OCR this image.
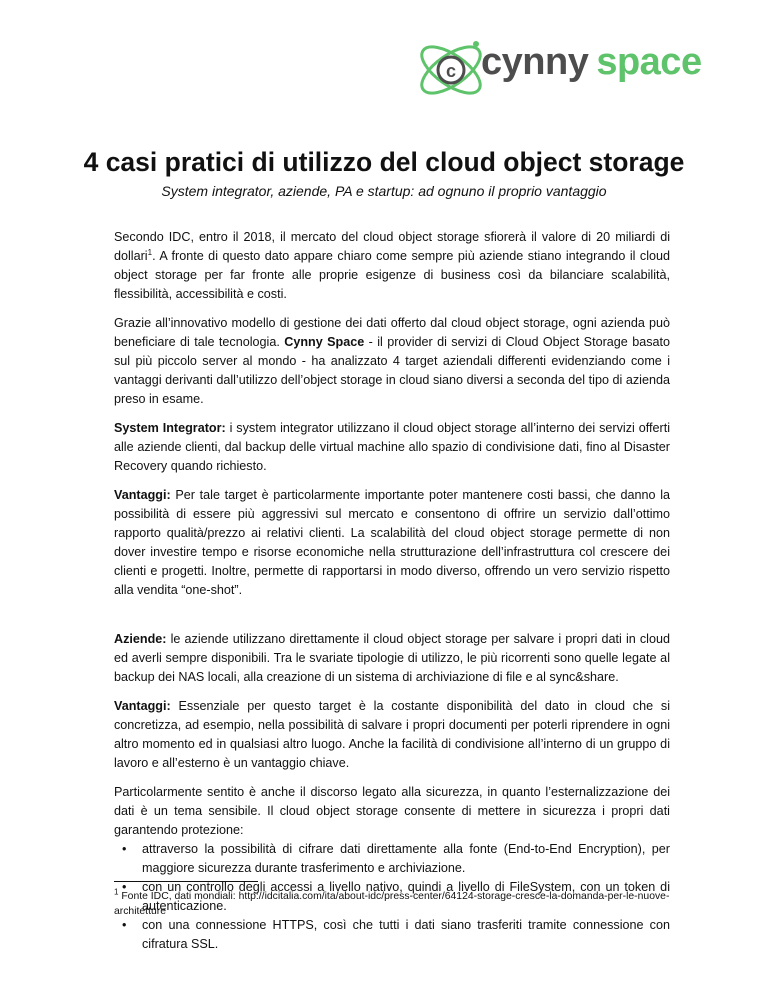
c cynny space
4 casi pratici di utilizzo del cloud object storage

System integrator, aziende, PA e startup: ad ognuno il proprio vantaggio

Secondo IDC, entro il 2018, il mercato del cloud object storage sfiorerà il valore di 20 miliardi di dollari$^1$. A fronte di questo dato appare chiaro come sempre più aziende stiano integrando il cloud object storage per far fronte alle proprie esigenze di business così da bilanciare scalabilità, flessibilità, accessibilità e costi.

Grazie all’innovativo modello di gestione dei dati offerto dal cloud object storage, ogni azienda può beneficiare di tale tecnologia. Cynny Space - il provider di servizi di Cloud Object Storage basato sul più piccolo server al mondo - ha analizzato 4 target aziendali differenti evidenziando come i vantaggi derivanti dall’utilizzo dell’object storage in cloud siano diversi a seconda del tipo di azienda preso in esame.

System Integrator: i system integrator utilizzano il cloud object storage all’interno dei servizi offerti alle aziende clienti, dal backup delle virtual machine allo spazio di condivisione dati, fino al Disaster Recovery quando richiesto.

Vantaggi: Per tale target è particolarmente importante poter mantenere costi bassi, che danno la possibilità di essere più aggressivi sul mercato e consentono di offrire un servizio dall’ottimo rapporto qualità/prezzo ai relativi clienti. La scalabilità del cloud object storage permette di non dover investire tempo e risorse economiche nella strutturazione dell’infrastruttura col crescere dei clienti e progetti. Inoltre, permette di rapportarsi in modo diverso, offrendo un vero servizio rispetto alla vendita “one-shot”.

Aziende: le aziende utilizzano direttamente il cloud object storage per salvare i propri dati in cloud ed averli sempre disponibili. Tra le svariate tipologie di utilizzo, le più ricorrenti sono quelle legate al backup dei NAS locali, alla creazione di un sistema di archiviazione di file e al sync&share.

Vantaggi: Essenziale per questo target è la costante disponibilità del dato in cloud che si concretizza, ad esempio, nella possibilità di salvare i propri documenti per poterli riprendere in ogni altro momento ed in qualsiasi altro luogo. Anche la facilità di condivisione all’interno di un gruppo di lavoro e all’esterno è un vantaggio chiave.

Particolarmente sentito è anche il discorso legato alla sicurezza, in quanto l’esternalizzazione dei dati è un tema sensibile. Il cloud object storage consente di mettere in sicurezza i propri dati garantendo protezione:

• attraverso la possibilità di cifrare dati direttamente alla fonte (End-to-End Encryption), per maggiore sicurezza durante trasferimento e archiviazione.
• con un controllo degli accessi a livello nativo, quindi a livello di FileSystem, con un token di autenticazione.
• con una connessione HTTPS, così che tutti i dati siano trasferiti tramite connessione con cifratura SSL.
$^1$ Fonte IDC, dati mondiali: http://idcitalia.com/ita/about-idc/press-center/64124-storage-cresce-la-domanda-per-le-nuove-architetture
